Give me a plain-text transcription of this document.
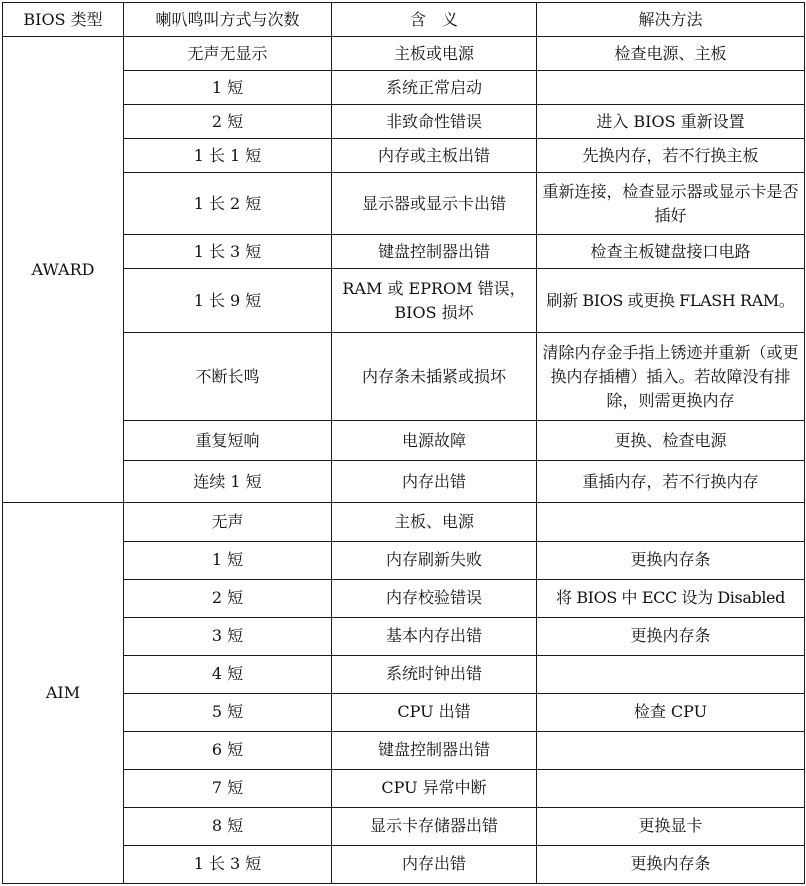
BIOS 类型	喇叭鸣叫方式与次数	含　义	解决方法
AWARD	无声无显示	主板或电源	检查电源、主板
	1 短	系统正常启动	
	2 短	非致命性错误	进入 BIOS 重新设置
	1 长 1 短	内存或主板出错	先换内存，若不行换主板
	1 长 2 短	显示器或显示卡出错	重新连接，检查显示器或显示卡是否插好
	1 长 3 短	键盘控制器出错	检查主板键盘接口电路
	1 长 9 短	RAM 或 EPROM 错误，BIOS 损坏	刷新 BIOS 或更换 FLASH RAM。
	不断长鸣	内存条未插紧或损坏	清除内存金手指上锈迹并重新（或更换内存插槽）插入。若故障没有排除，则需更换内存
	重复短响	电源故障	更换、检查电源
	连续 1 短	内存出错	重插内存，若不行换内存
AIM	无声	主板、电源	
	1 短	内存刷新失败	更换内存条
	2 短	内存校验错误	将 BIOS 中 ECC 设为 Disabled
	3 短	基本内存出错	更换内存条
	4 短	系统时钟出错	
	5 短	CPU 出错	检查 CPU
	6 短	键盘控制器出错	
	7 短	CPU 异常中断	
	8 短	显示卡存储器出错	更换显卡
	1 长 3 短	内存出错	更换内存条
